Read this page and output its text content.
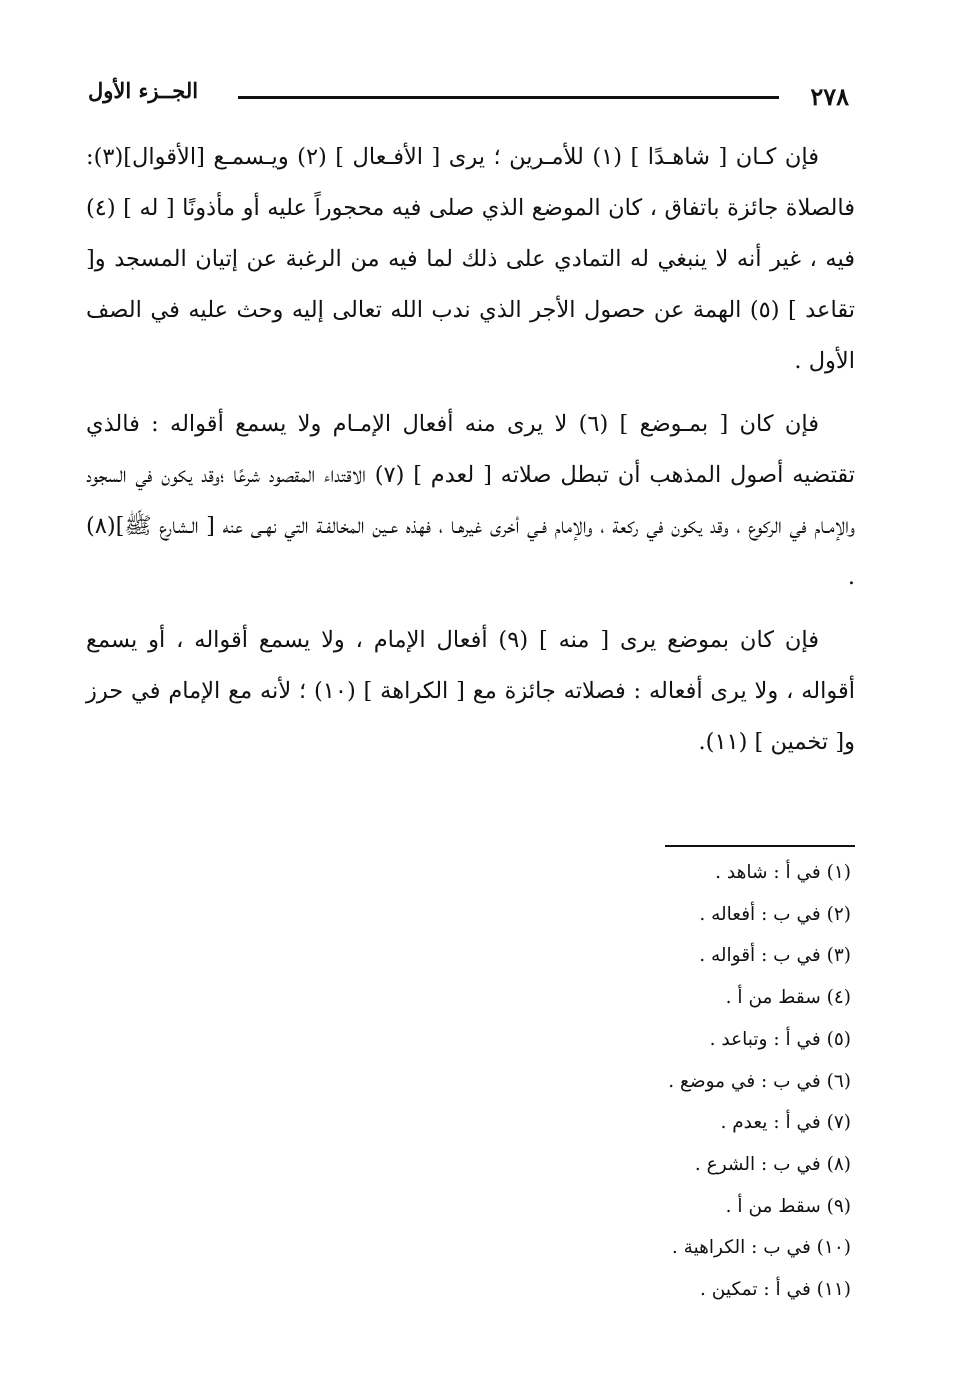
٢٧٨
الجــزء الأول

فإن كـان [ شاهـدًا ] (١) للأمـرين ؛ يرى [ الأفـعال ] (٢) ويـسمـع [الأقوال](٣): فالصلاة جائزة باتفاق ، كان الموضع الذي صلى فيه محجوراً عليه أو مأذونًا [ له ] (٤) فيه ، غير أنه لا ينبغي له التمادي على ذلك لما فيه من الرغبة عن إتيان المسجد و[ تقاعد ] (٥) الهمة عن حصول الأجر الذي ندب الله تعالى إليه وحث عليه في الصف الأول .

فإن كان [ بمـوضع ] (٦) لا يرى منه أفعال الإمـام ولا يسمع أقواله : فالذي تقتضيه أصول المذهب أن تبطل صلاته [ لعدم ] (٧) الاقتداء المقصود شرعًا ؛وقد يكون في السجود والإمـام في الركوع ، وقد يكون في ركعة ، والإمام فـي أخرى غيرهـا ، فهذه عـين المخالفـة التي نهـى عنه [ الـشارع ﷺ](٨) .

فإن كان بموضع يرى [ منه ] (٩) أفعال الإمام ، ولا يسمع أقواله ، أو يسمع أقواله ، ولا يرى أفعاله : فصلاته جائزة مع [ الكراهة ] (١٠) ؛ لأنه مع الإمام في حرز و[ تخمين ] (١١).

(١) في أ : شاهد .
(٢) في ب : أفعاله .
(٣) في ب : أقواله .
(٤) سقط من أ .
(٥) في أ : وتباعد .
(٦) في ب : في موضع .
(٧) في أ : يعدم .
(٨) في ب : الشرع .
(٩) سقط من أ .
(١٠) في ب : الكراهية .
(١١) في أ : تمكين .
